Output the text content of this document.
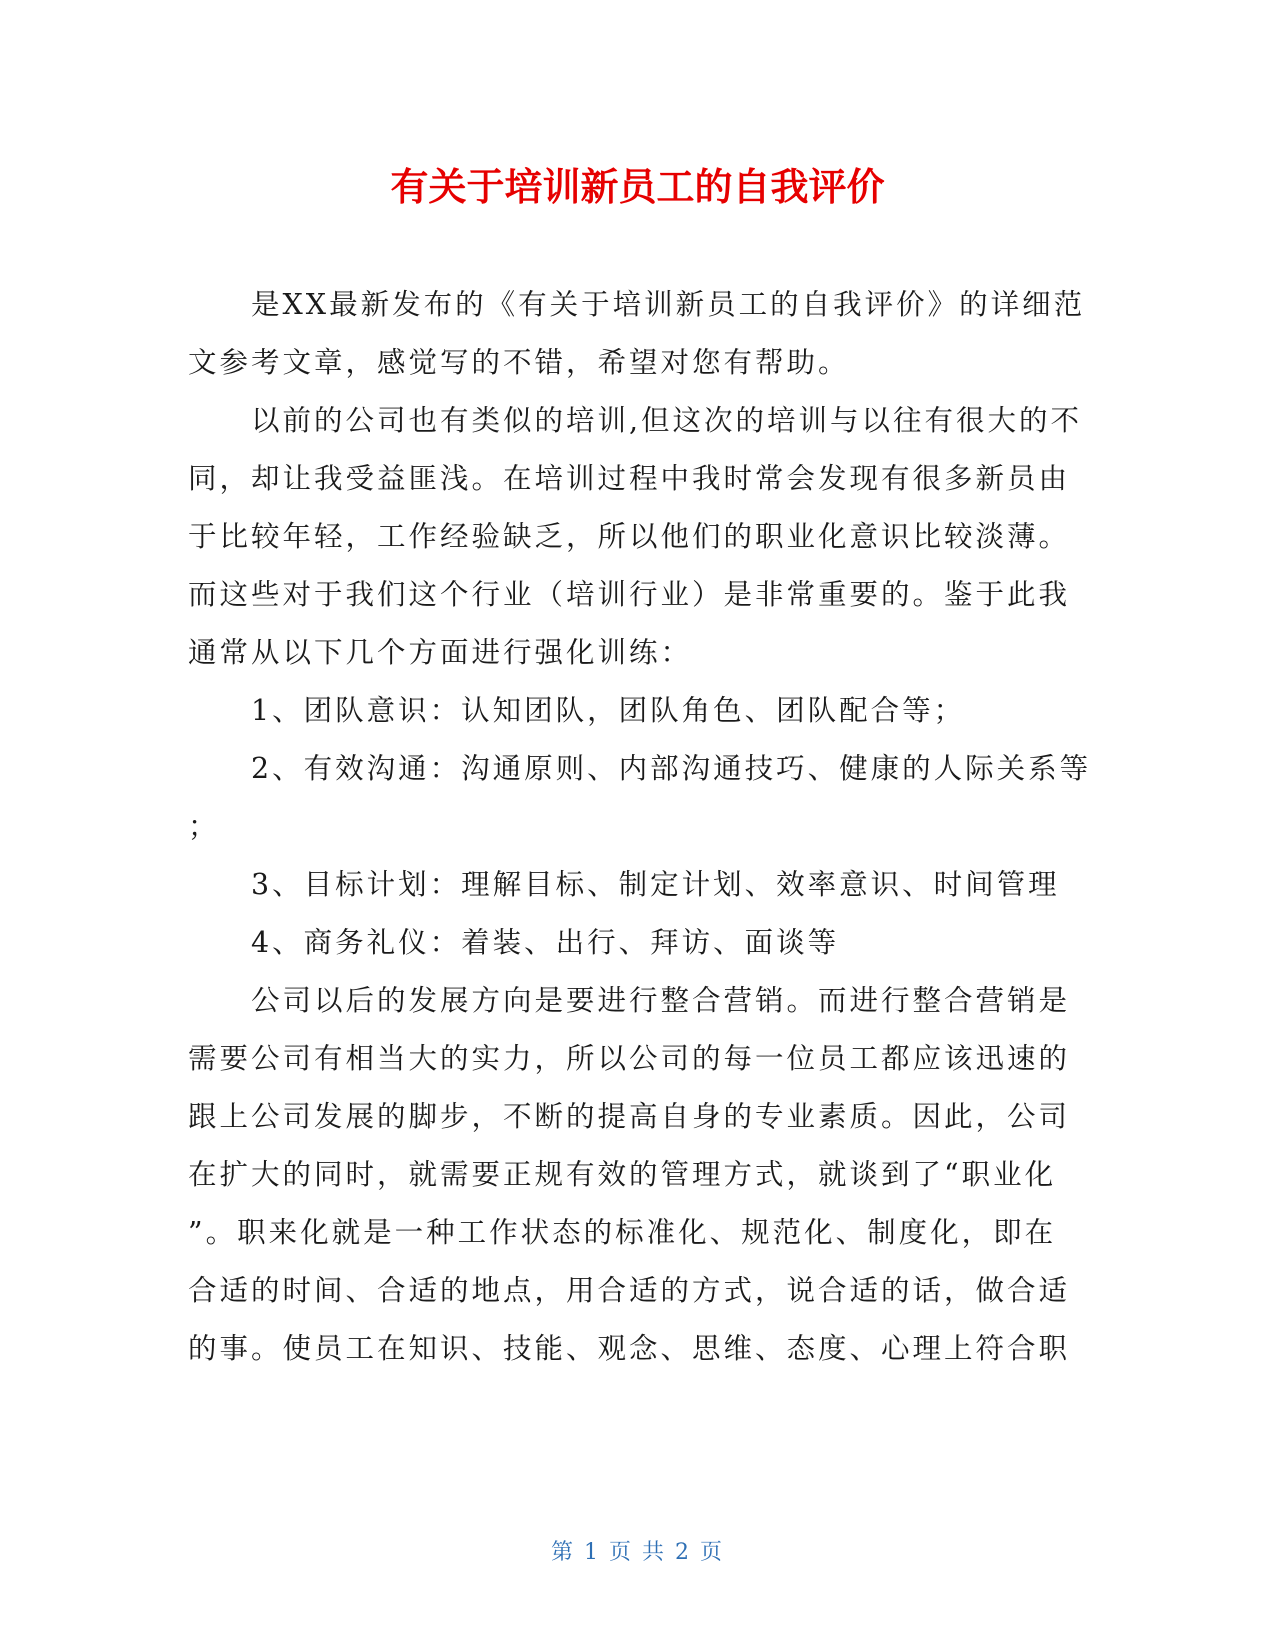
有关于培训新员工的自我评价

　　是XX最新发布的《有关于培训新员工的自我评价》的详细范

文参考文章，感觉写的不错，希望对您有帮助。

　　以前的公司也有类似的培训,但这次的培训与以往有很大的不

同，却让我受益匪浅。在培训过程中我时常会发现有很多新员由

于比较年轻，工作经验缺乏，所以他们的职业化意识比较淡薄。

而这些对于我们这个行业（培训行业）是非常重要的。鉴于此我

通常从以下几个方面进行强化训练：

　　1、团队意识：认知团队，团队角色、团队配合等；

　　2、有效沟通：沟通原则、内部沟通技巧、健康的人际关系等

；

　　3、目标计划：理解目标、制定计划、效率意识、时间管理

　　4、商务礼仪：着装、出行、拜访、面谈等

　　公司以后的发展方向是要进行整合营销。而进行整合营销是

需要公司有相当大的实力，所以公司的每一位员工都应该迅速的

跟上公司发展的脚步，不断的提高自身的专业素质。因此，公司

在扩大的同时，就需要正规有效的管理方式，就谈到了“职业化

”。职来化就是一种工作状态的标准化、规范化、制度化，即在

合适的时间、合适的地点，用合适的方式，说合适的话，做合适

的事。使员工在知识、技能、观念、思维、态度、心理上符合职

第 1 页 共 2 页
